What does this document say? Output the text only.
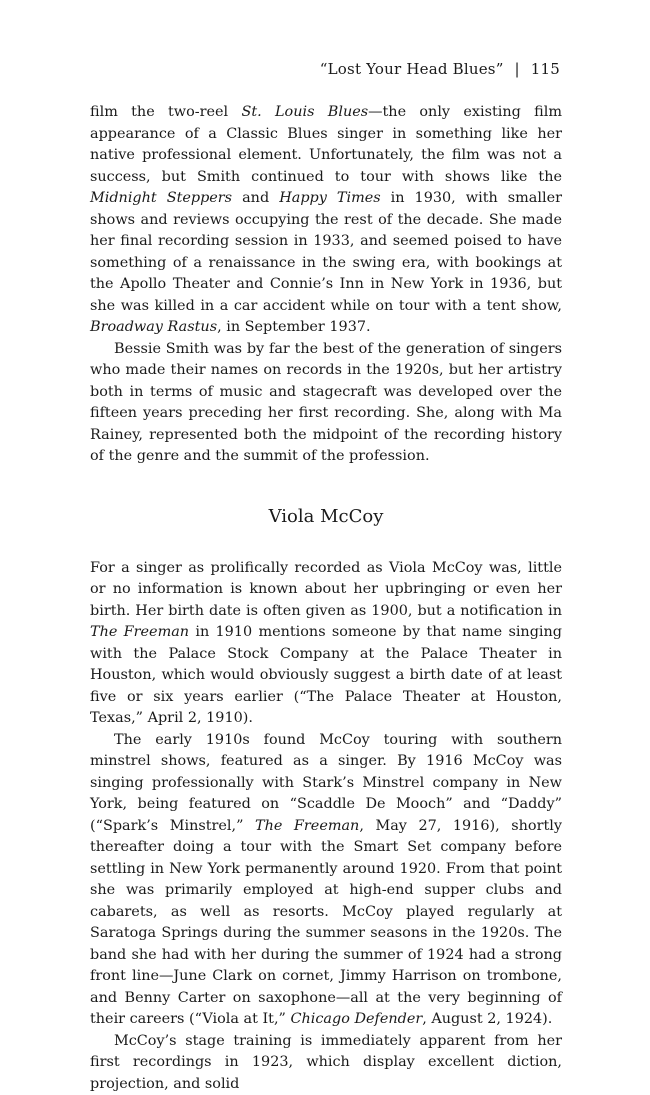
“Lost Your Head Blues” | 115

film the two-reel St. Louis Blues—the only existing film appearance of a Classic Blues singer in something like her native professional element. Unfortunately, the film was not a success, but Smith continued to tour with shows like the Midnight Steppers and Happy Times in 1930, with smaller shows and reviews occupying the rest of the decade. She made her final recording session in 1933, and seemed poised to have something of a renaissance in the swing era, with bookings at the Apollo Theater and Connie’s Inn in New York in 1936, but she was killed in a car accident while on tour with a tent show, Broadway Rastus, in September 1937.

Bessie Smith was by far the best of the generation of singers who made their names on records in the 1920s, but her artistry both in terms of music and stagecraft was developed over the fifteen years preceding her first recording. She, along with Ma Rainey, represented both the midpoint of the recording history of the genre and the summit of the profession.

Viola McCoy

For a singer as prolifically recorded as Viola McCoy was, little or no information is known about her upbringing or even her birth. Her birth date is often given as 1900, but a notification in The Freeman in 1910 mentions someone by that name singing with the Palace Stock Company at the Palace Theater in Houston, which would obviously suggest a birth date of at least five or six years earlier (“The Palace Theater at Houston, Texas,” April 2, 1910).

The early 1910s found McCoy touring with southern minstrel shows, featured as a singer. By 1916 McCoy was singing professionally with Stark’s Minstrel company in New York, being featured on “Scaddle De Mooch” and “Daddy” (“Spark’s Minstrel,” The Freeman, May 27, 1916), shortly thereafter doing a tour with the Smart Set company before settling in New York permanently around 1920. From that point she was primarily employed at high-end supper clubs and cabarets, as well as resorts. McCoy played regularly at Saratoga Springs during the summer seasons in the 1920s. The band she had with her during the summer of 1924 had a strong front line—June Clark on cornet, Jimmy Harrison on trombone, and Benny Carter on saxophone—all at the very beginning of their careers (“Viola at It,” Chicago Defender, August 2, 1924).

McCoy’s stage training is immediately apparent from her first recordings in 1923, which display excellent diction, projection, and solid
